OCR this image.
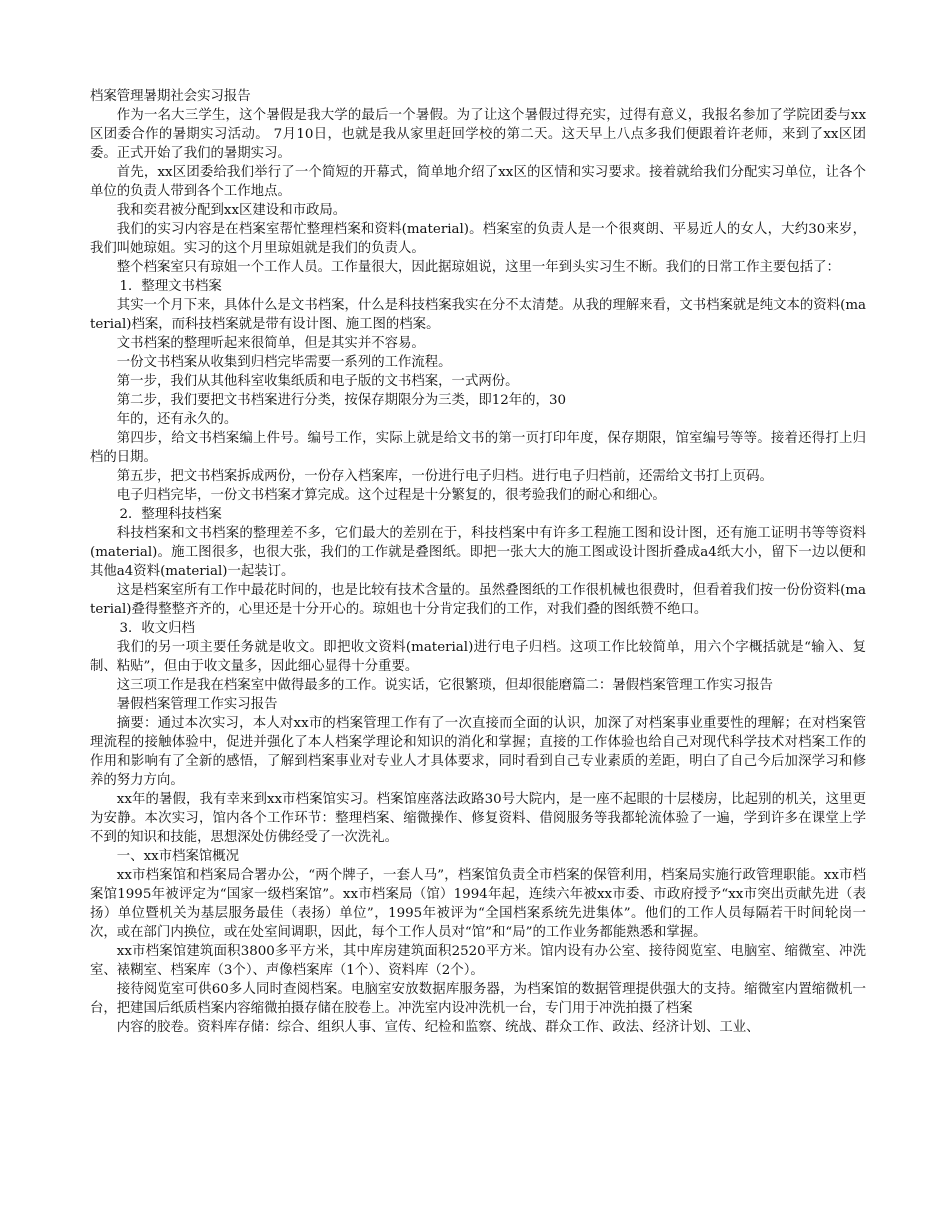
档案管理暑期社会实习报告

作为一名大三学生，这个暑假是我大学的最后一个暑假。为了让这个暑假过得充实，过得有意义，我报名参加了学院团委与xx区团委合作的暑期实习活动。 7月10日，也就是我从家里赶回学校的第二天。这天早上八点多我们便跟着许老师，来到了xx区团委。正式开始了我们的暑期实习。

首先，xx区团委给我们举行了一个简短的开幕式，简单地介绍了xx区的区情和实习要求。接着就给我们分配实习单位，让各个单位的负责人带到各个工作地点。

我和奕君被分配到xx区建设和市政局。

我们的实习内容是在档案室帮忙整理档案和资料(material)。档案室的负责人是一个很爽朗、平易近人的女人，大约30来岁，我们叫她琼姐。实习的这个月里琼姐就是我们的负责人。

整个档案室只有琼姐一个工作人员。工作量很大，因此据琼姐说，这里一年到头实习生不断。我们的日常工作主要包括了：

1．整理文书档案

其实一个月下来，具体什么是文书档案，什么是科技档案我实在分不太清楚。从我的理解来看，文书档案就是纯文本的资料(material)档案，而科技档案就是带有设计图、施工图的档案。

文书档案的整理听起来很简单，但是其实并不容易。

一份文书档案从收集到归档完毕需要一系列的工作流程。

第一步，我们从其他科室收集纸质和电子版的文书档案，一式两份。

第二步，我们要把文书档案进行分类，按保存期限分为三类，即12年的，30

年的，还有永久的。

第四步，给文书档案编上件号。编号工作，实际上就是给文书的第一页打印年度，保存期限，馆室编号等等。接着还得打上归档的日期。

第五步，把文书档案拆成两份，一份存入档案库，一份进行电子归档。进行电子归档前，还需给文书打上页码。

电子归档完毕，一份文书档案才算完成。这个过程是十分繁复的，很考验我们的耐心和细心。

2．整理科技档案

科技档案和文书档案的整理差不多，它们最大的差别在于，科技档案中有许多工程施工图和设计图，还有施工证明书等等资料(material)。施工图很多，也很大张，我们的工作就是叠图纸。即把一张大大的施工图或设计图折叠成a4纸大小，留下一边以便和其他a4资料(material)一起装订。

这是档案室所有工作中最花时间的，也是比较有技术含量的。虽然叠图纸的工作很机械也很费时，但看着我们按一份份资料(material)叠得整整齐齐的，心里还是十分开心的。琼姐也十分肯定我们的工作，对我们叠的图纸赞不绝口。

3．收文归档

我们的另一项主要任务就是收文。即把收文资料(material)进行电子归档。这项工作比较简单，用六个字概括就是“输入、复制、粘贴”，但由于收文量多，因此细心显得十分重要。

这三项工作是我在档案室中做得最多的工作。说实话，它很繁琐，但却很能磨篇二：暑假档案管理工作实习报告

暑假档案管理工作实习报告

摘要：通过本次实习，本人对xx市的档案管理工作有了一次直接而全面的认识，加深了对档案事业重要性的理解；在对档案管理流程的接触体验中，促进并强化了本人档案学理论和知识的消化和掌握；直接的工作体验也给自己对现代科学技术对档案工作的作用和影响有了全新的感悟，了解到档案事业对专业人才具体要求，同时看到自己专业素质的差距，明白了自己今后加深学习和修养的努力方向。

xx年的暑假，我有幸来到xx市档案馆实习。档案馆座落法政路30号大院内，是一座不起眼的十层楼房，比起别的机关，这里更为安静。本次实习，馆内各个工作环节：整理档案、缩微操作、修复资料、借阅服务等我都轮流体验了一遍，学到许多在课堂上学不到的知识和技能，思想深处仿佛经受了一次洗礼。

一、xx市档案馆概况

xx市档案馆和档案局合署办公，“两个牌子，一套人马”，档案馆负责全市档案的保管利用，档案局实施行政管理职能。xx市档案馆1995年被评定为“国家一级档案馆”。xx市档案局（馆）1994年起，连续六年被xx市委、市政府授予“xx市突出贡献先进（表扬）单位暨机关为基层服务最佳（表扬）单位”，1995年被评为“全国档案系统先进集体”。他们的工作人员每隔若干时间轮岗一次，或在部门内换位，或在处室间调职，因此，每个工作人员对“馆”和“局”的工作业务都能熟悉和掌握。

xx市档案馆建筑面积3800多平方米，其中库房建筑面积2520平方米。馆内设有办公室、接待阅览室、电脑室、缩微室、冲洗室、裱糊室、档案库（3个）、声像档案库（1个）、资料库（2个）。

接待阅览室可供60多人同时查阅档案。电脑室安放数据库服务器，为档案馆的数据管理提供强大的支持。缩微室内置缩微机一台，把建国后纸质档案内容缩微拍摄存储在胶卷上。冲洗室内设冲洗机一台，专门用于冲洗拍摄了档案

内容的胶卷。资料库存储：综合、组织人事、宣传、纪检和监察、统战、群众工作、政法、经济计划、工业、
